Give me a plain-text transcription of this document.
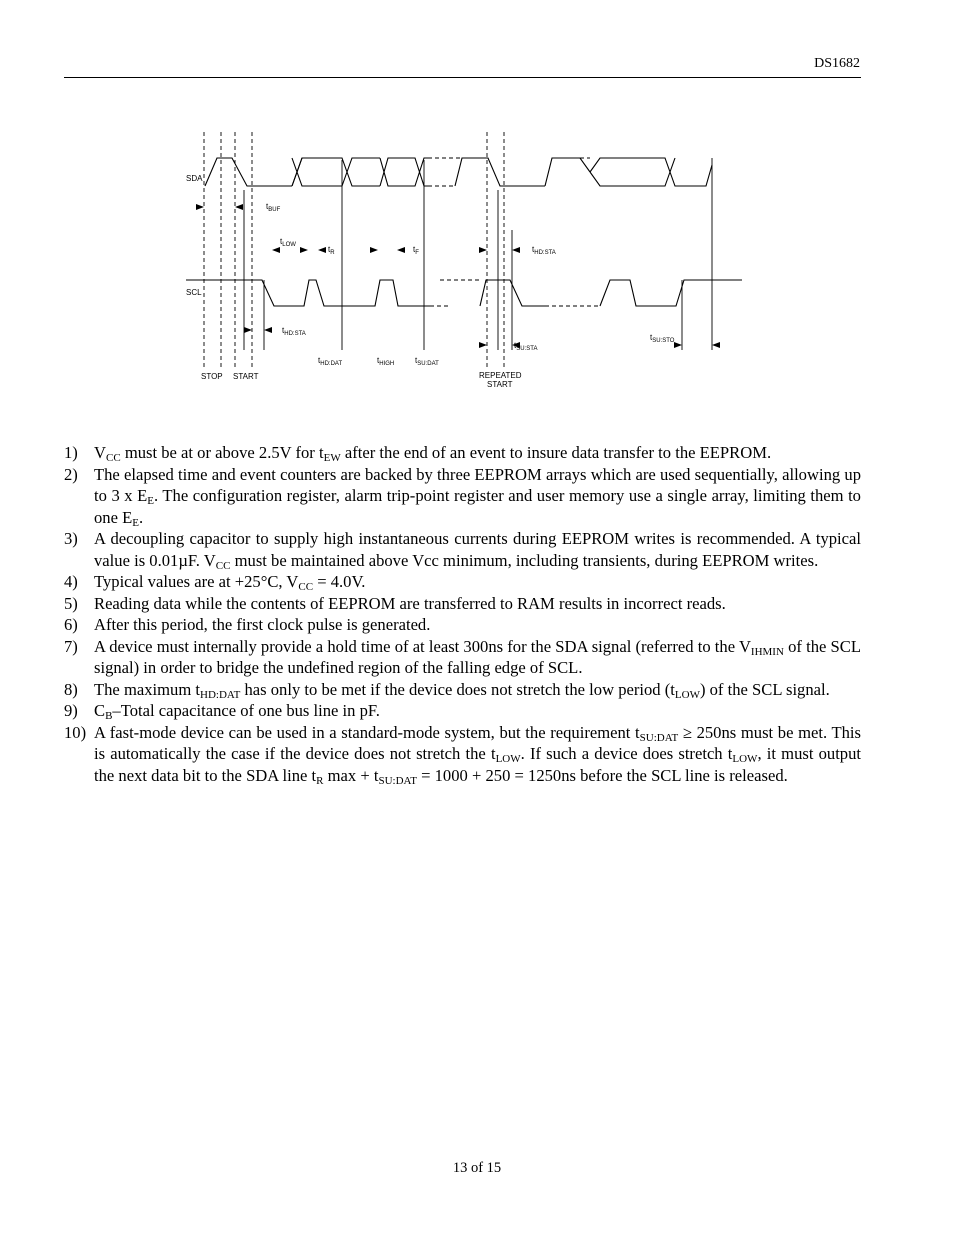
DS1682
SDA
SCL
$t_{BUF}$
$t_{LOW}$	$t_R$	$t_F$	$t_{HD:STA}$
$t_{HD:STA}$
$t_{HD:DAT}$	$t_{HIGH}$	$t_{SU:DAT}$
$t_{SU:STA}$
$t_{SU:STO}$
STOP START	REPEATED
START
1) $V_{CC}$ must be at or above 2.5V for $t_{EW}$ after the end of an event to insure data transfer to the EEPROM.
2) The elapsed time and event counters are backed by three EEPROM arrays which are used sequentially, allowing up to 3 x $E_E$. The configuration register, alarm trip-point register and user memory use a single array, limiting them to one $E_E$.
3) A decoupling capacitor to supply high instantaneous currents during EEPROM writes is recommended. A typical value is 0.01µF. $V_{CC}$ must be maintained above Vcc minimum, including transients, during EEPROM writes.
4) Typical values are at +25°C, $V_{CC} = 4.0V$.
5) Reading data while the contents of EEPROM are transferred to RAM results in incorrect reads.
6) After this period, the first clock pulse is generated.
7) A device must internally provide a hold time of at least 300ns for the SDA signal (referred to the $V_{IHMIN}$ of the SCL signal) in order to bridge the undefined region of the falling edge of SCL.
8) The maximum $t_{HD:DAT}$ has only to be met if the device does not stretch the low period $(t_{LOW})$ of the SCL signal.
9) $C_B$–Total capacitance of one bus line in pF.
10) A fast-mode device can be used in a standard-mode system, but the requirement $t_{SU:DAT} \ge 250ns$ must be met. This is automatically the case if the device does not stretch the $t_{LOW}$. If such a device does stretch $t_{LOW}$, it must output the next data bit to the SDA line $t_R$ $\max + t_{SU:DAT} = 1000 + 250 = 1250ns$ before the SCL line is released.
13 of 15
